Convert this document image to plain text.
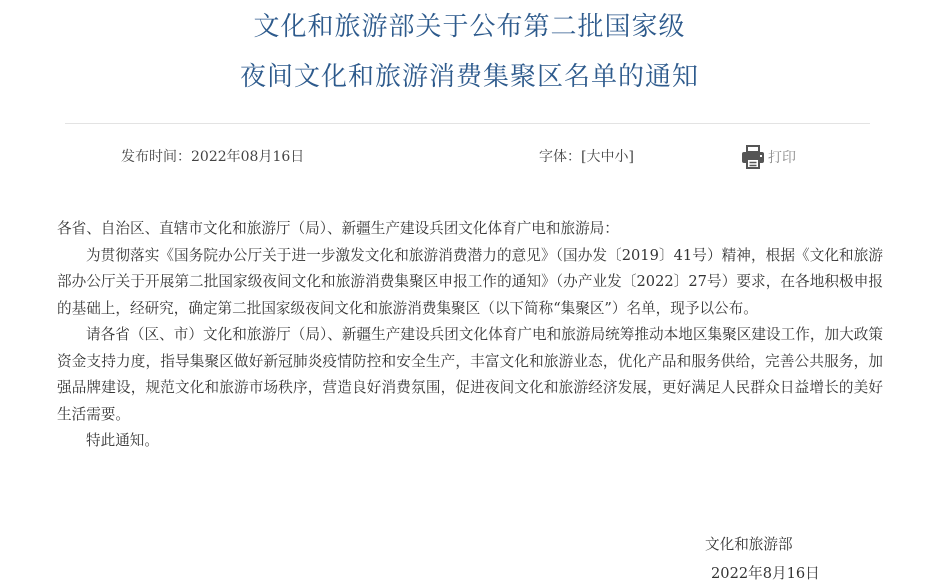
文化和旅游部关于公布第二批国家级
夜间文化和旅游消费集聚区名单的通知
发布时间：2022年08月16日	字体：[大中小]	打印

各省、自治区、直辖市文化和旅游厅（局）、新疆生产建设兵团文化体育广电和旅游局：

为贯彻落实《国务院办公厅关于进一步激发文化和旅游消费潜力的意见》（国办发〔2019〕41号）精神，根据《文化和旅游部办公厅关于开展第二批国家级夜间文化和旅游消费集聚区申报工作的通知》（办产业发〔2022〕27号）要求，在各地积极申报的基础上，经研究，确定第二批国家级夜间文化和旅游消费集聚区（以下简称“集聚区”）名单，现予以公布。

请各省（区、市）文化和旅游厅（局）、新疆生产建设兵团文化体育广电和旅游局统筹推动本地区集聚区建设工作，加大政策资金支持力度，指导集聚区做好新冠肺炎疫情防控和安全生产，丰富文化和旅游业态，优化产品和服务供给，完善公共服务，加强品牌建设，规范文化和旅游市场秩序，营造良好消费氛围，促进夜间文化和旅游经济发展，更好满足人民群众日益增长的美好生活需要。

特此通知。

文化和旅游部
2022年8月16日
